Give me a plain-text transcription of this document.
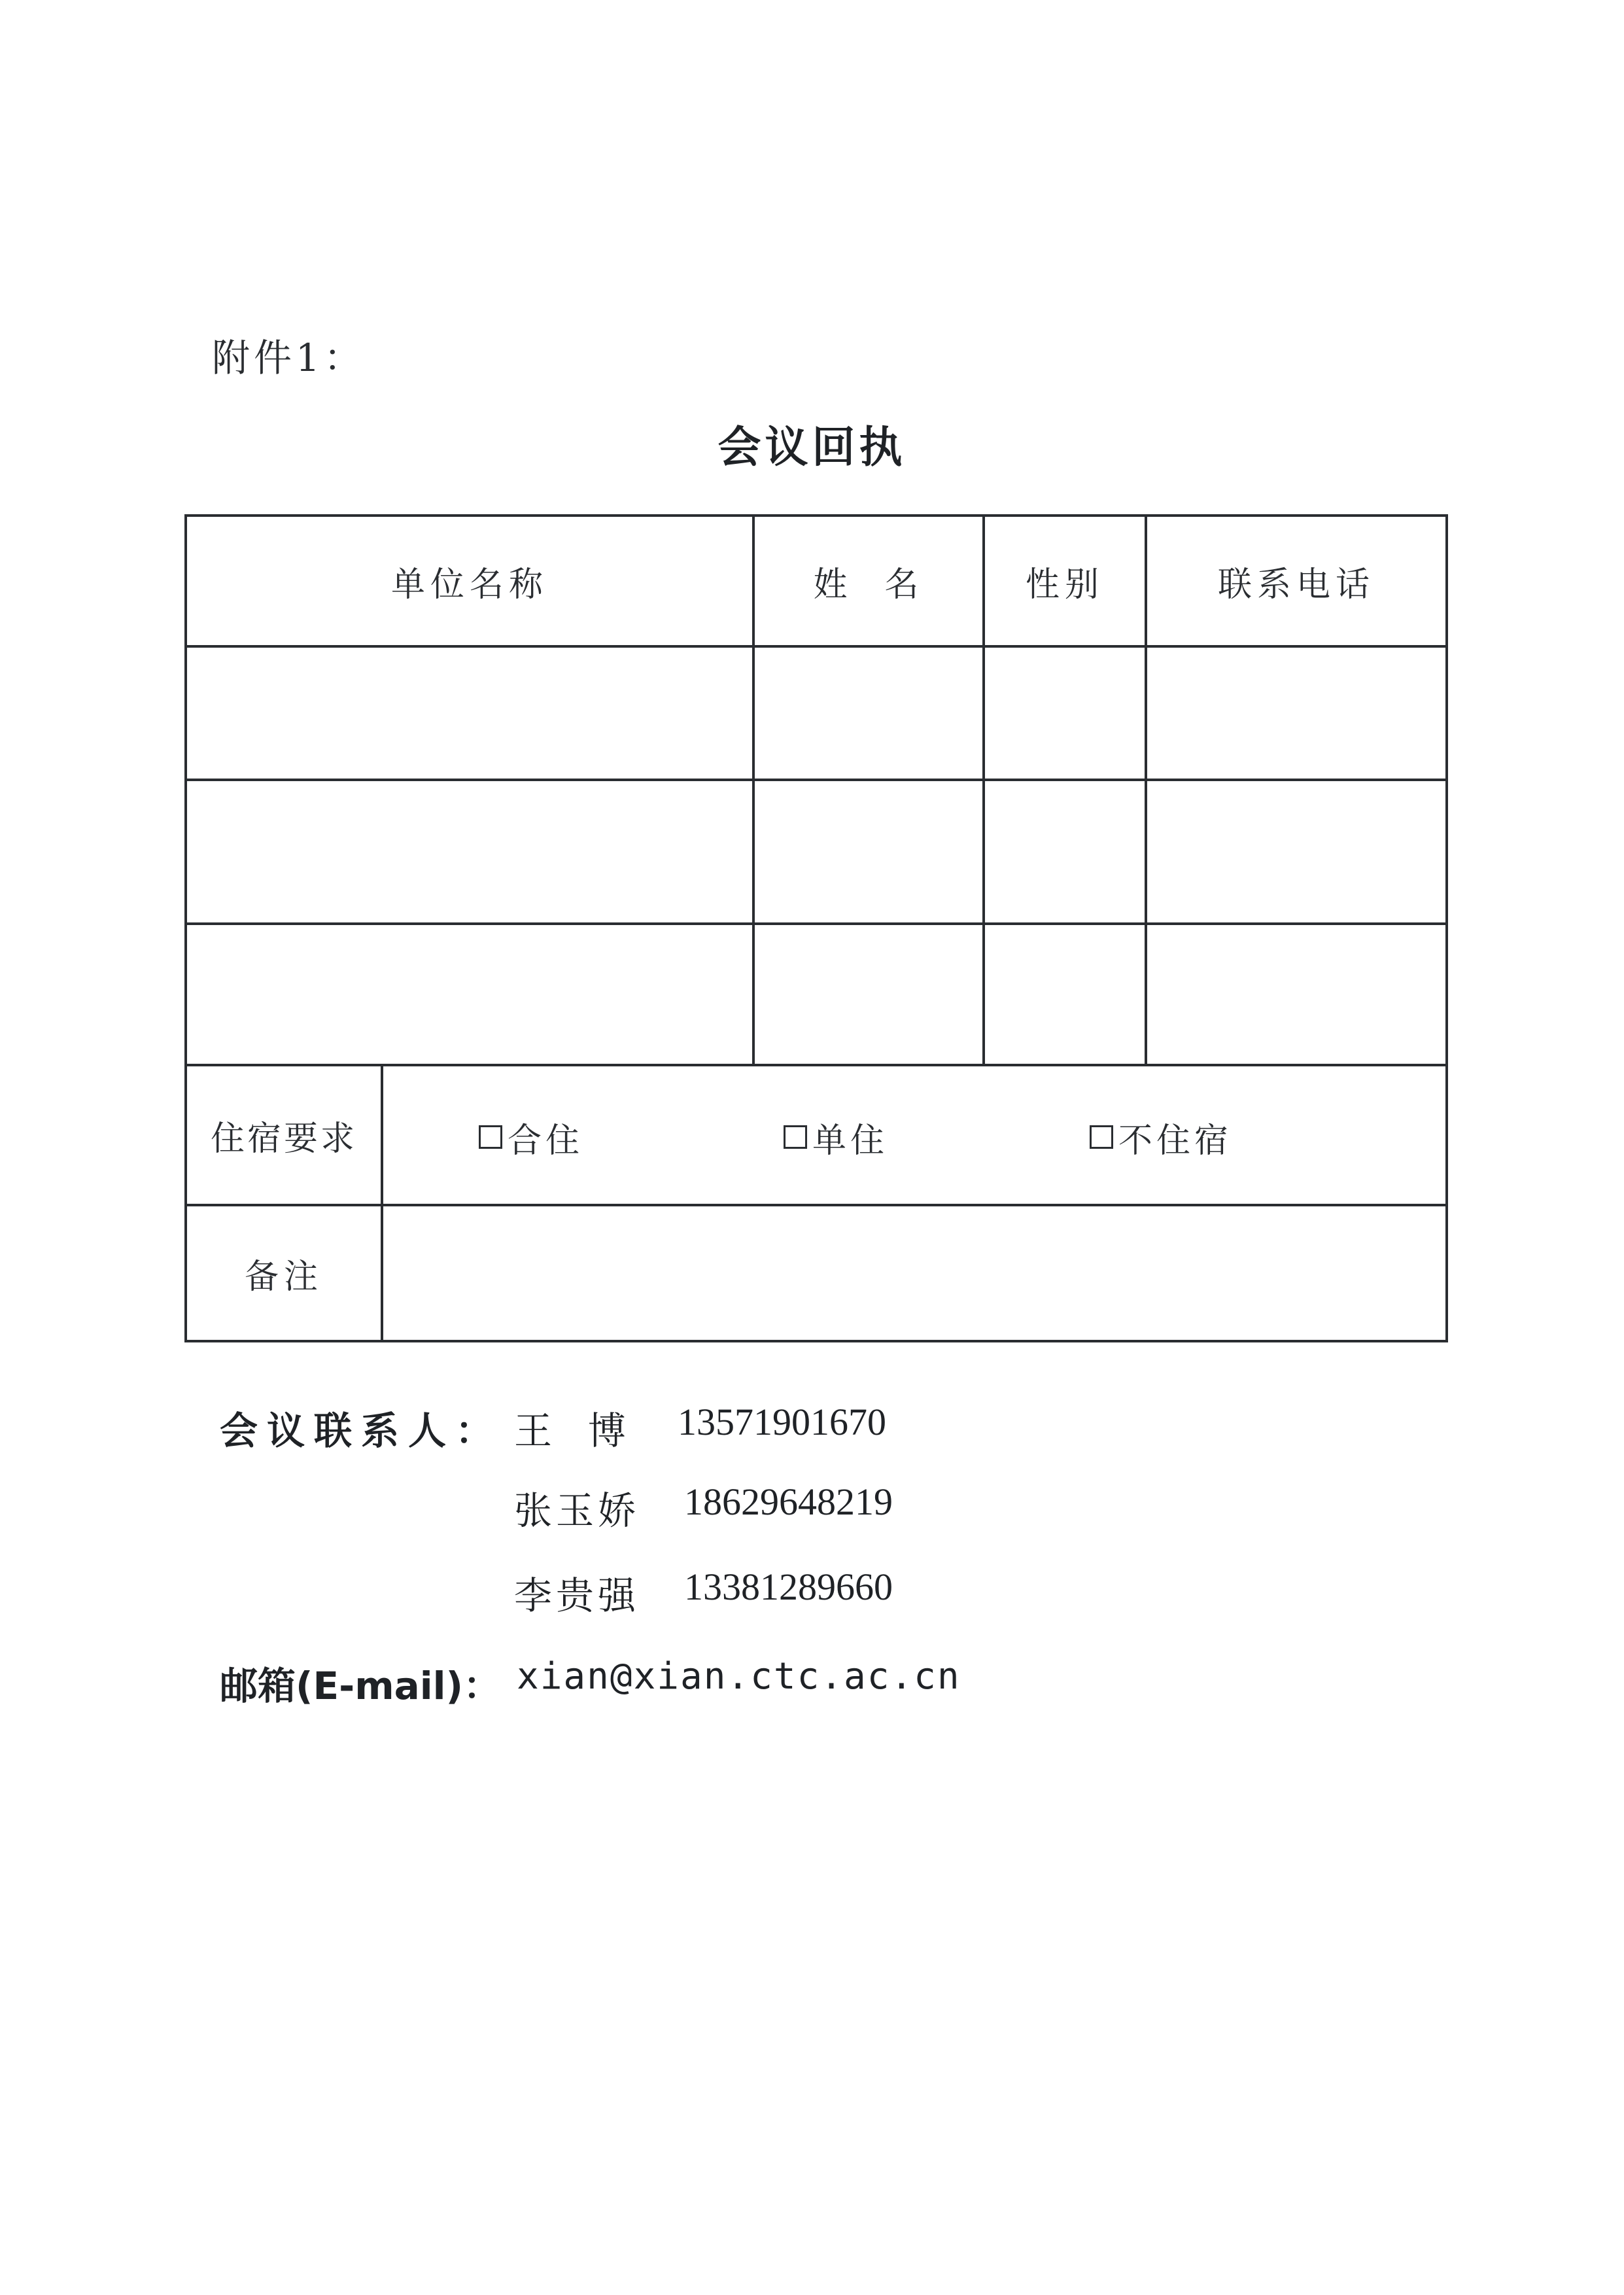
附件1：
会议回执
单位名称	姓  名	性别	联系电话
住宿要求	合住	单住	不住宿
备注
会议联系人： 王  博 13571901670
张玉娇 18629648219
李贵强 13381289660
邮箱(E-mail)： xian@xian.ctc.ac.cn
